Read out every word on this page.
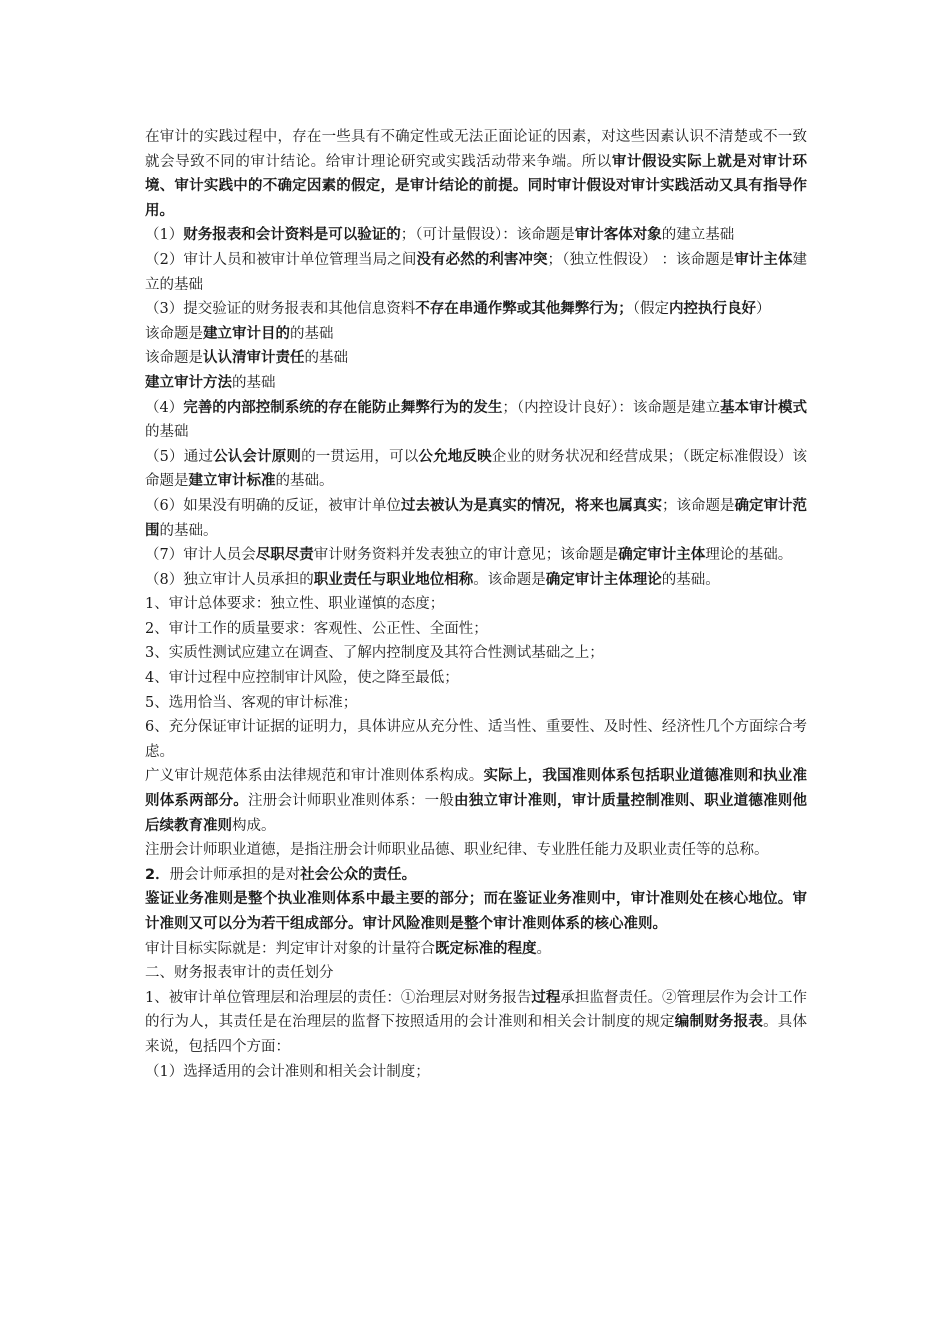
在审计的实践过程中，存在一些具有不确定性或无法正面论证的因素，对这些因素认识不清楚或不一致就会导致不同的审计结论。给审计理论研究或实践活动带来争端。所以审计假设实际上就是对审计环境、审计实践中的不确定因素的假定，是审计结论的前提。同时审计假设对审计实践活动又具有指导作用。

（1）财务报表和会计资料是可以验证的；（可计量假设）：该命题是审计客体对象的建立基础

（2）审计人员和被审计单位管理当局之间没有必然的利害冲突；（独立性假设） ：该命题是审计主体建立的基础

（3）提交验证的财务报表和其他信息资料不存在串通作弊或其他舞弊行为；（假定内控执行良好）

该命题是建立审计目的的基础

该命题是认认清审计责任的基础

建立审计方法的基础

（4）完善的内部控制系统的存在能防止舞弊行为的发生；（内控设计良好）：该命题是建立基本审计模式的基础

（5）通过公认会计原则的一贯运用，可以公允地反映企业的财务状况和经营成果；（既定标准假设）该命题是建立审计标准的基础。

（6）如果没有明确的反证，被审计单位过去被认为是真实的情况，将来也属真实；该命题是确定审计范围的基础。

（7）审计人员会尽职尽责审计财务资料并发表独立的审计意见；该命题是确定审计主体理论的基础。

（8）独立审计人员承担的职业责任与职业地位相称。该命题是确定审计主体理论的基础。

1、审计总体要求：独立性、职业谨慎的态度；

2、审计工作的质量要求：客观性、公正性、全面性；

3、实质性测试应建立在调查、了解内控制度及其符合性测试基础之上；

4、审计过程中应控制审计风险，使之降至最低；

5、选用恰当、客观的审计标准；

6、充分保证审计证据的证明力，具体讲应从充分性、适当性、重要性、及时性、经济性几个方面综合考虑。

广义审计规范体系由法律规范和审计准则体系构成。实际上，我国准则体系包括职业道德准则和执业准则体系两部分。注册会计师职业准则体系：一般由独立审计准则，审计质量控制准则、职业道德准则他后续教育准则构成。

注册会计师职业道德，是指注册会计师职业品德、职业纪律、专业胜任能力及职业责任等的总称。

2．册会计师承担的是对社会公众的责任。

鉴证业务准则是整个执业准则体系中最主要的部分；而在鉴证业务准则中，审计准则处在核心地位。审计准则又可以分为若干组成部分。审计风险准则是整个审计准则体系的核心准则。

审计目标实际就是：判定审计对象的计量符合既定标准的程度。

二、财务报表审计的责任划分

1、被审计单位管理层和治理层的责任：①治理层对财务报告过程承担监督责任。②管理层作为会计工作的行为人，其责任是在治理层的监督下按照适用的会计准则和相关会计制度的规定编制财务报表。具体来说，包括四个方面：

（1）选择适用的会计准则和相关会计制度；
